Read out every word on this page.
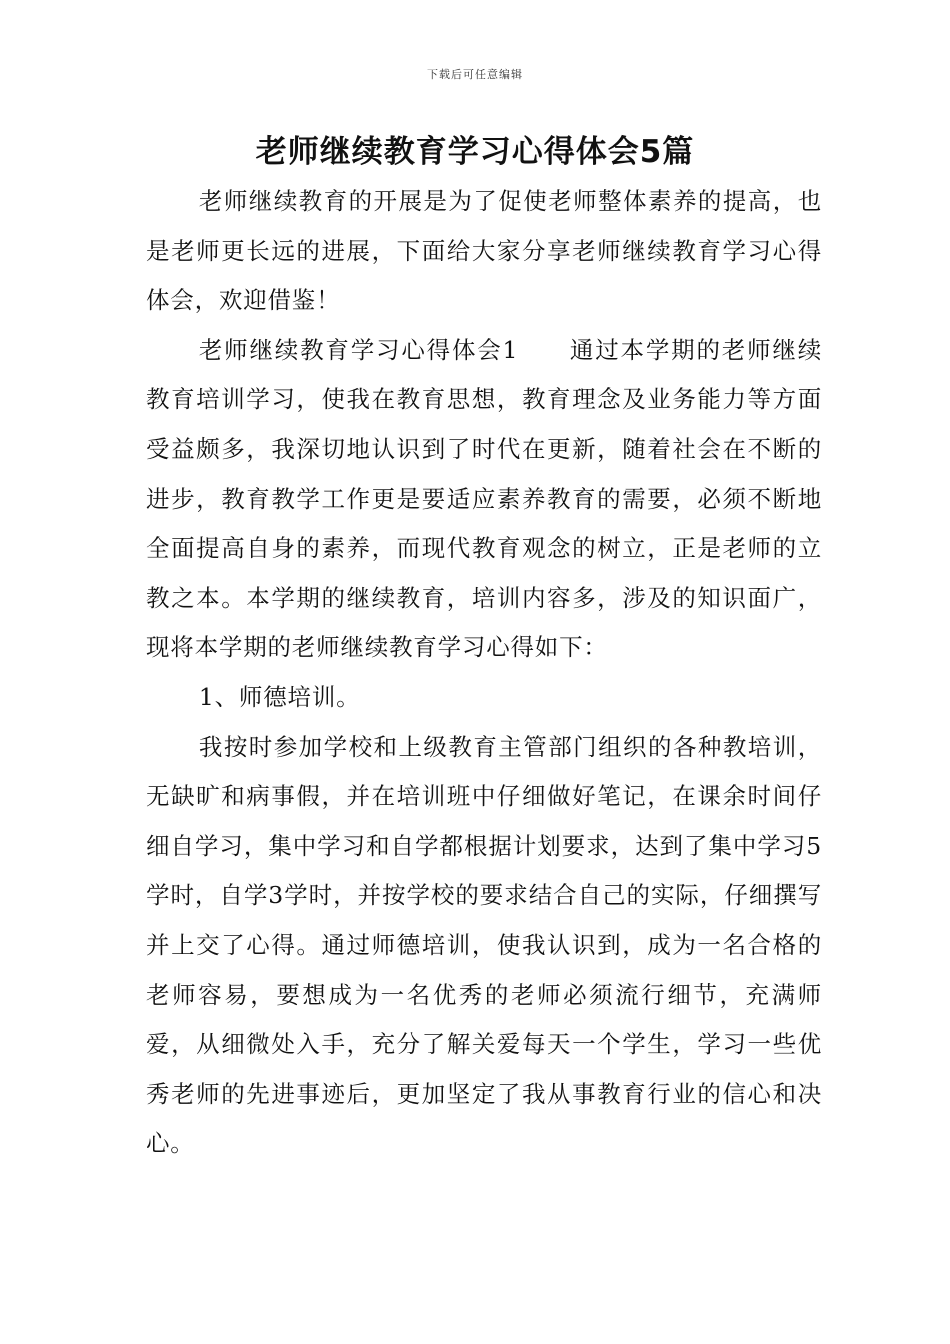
下载后可任意编辑
老师继续教育学习心得体会5篇

老师继续教育的开展是为了促使老师整体素养的提高，也是老师更长远的进展，下面给大家分享老师继续教育学习心得体会，欢迎借鉴！

老师继续教育学习心得体会1　　通过本学期的老师继续教育培训学习，使我在教育思想，教育理念及业务能力等方面受益颇多，我深切地认识到了时代在更新，随着社会在不断的进步，教育教学工作更是要适应素养教育的需要，必须不断地全面提高自身的素养，而现代教育观念的树立，正是老师的立教之本。本学期的继续教育，培训内容多，涉及的知识面广，现将本学期的老师继续教育学习心得如下：

1、师德培训。

我按时参加学校和上级教育主管部门组织的各种教培训，无缺旷和病事假，并在培训班中仔细做好笔记，在课余时间仔细自学习，集中学习和自学都根据计划要求，达到了集中学习5学时，自学3学时，并按学校的要求结合自己的实际，仔细撰写并上交了心得。通过师德培训，使我认识到，成为一名合格的老师容易，要想成为一名优秀的老师必须流行细节，充满师爱，从细微处入手，充分了解关爱每天一个学生，学习一些优秀老师的先进事迹后，更加坚定了我从事教育行业的信心和决心。
